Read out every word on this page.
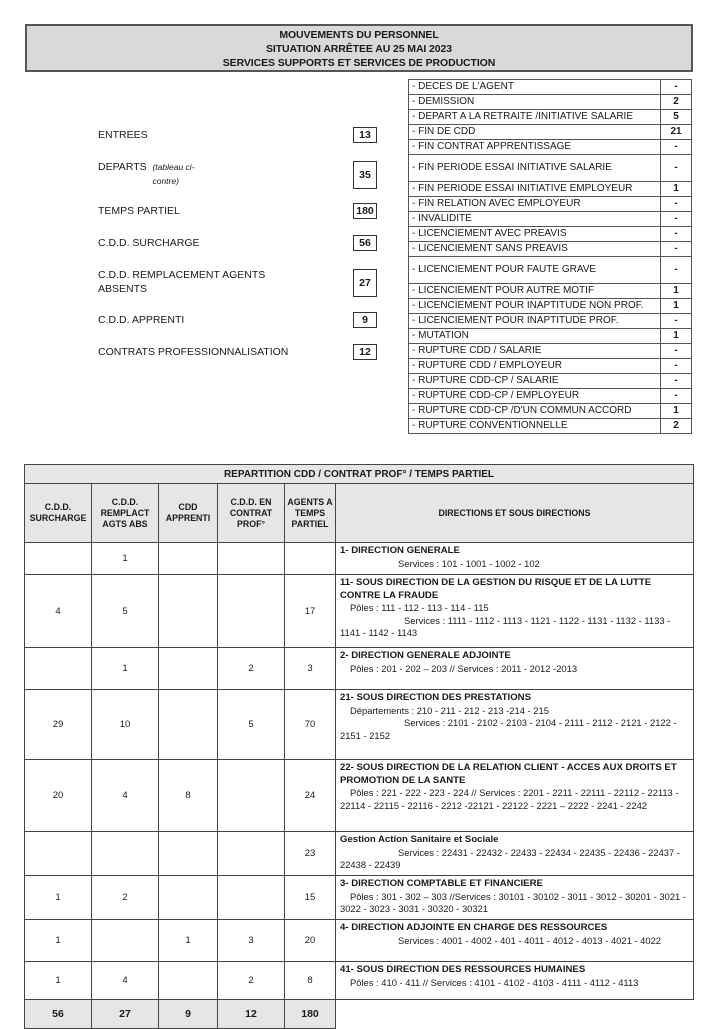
MOUVEMENTS DU PERSONNEL
SITUATION ARRÊTEE AU 25 MAI 2023
SERVICES SUPPORTS ET SERVICES DE PRODUCTION
ENTREES	13
DEPARTS (tableau ci-contre)	35
TEMPS PARTIEL	180
C.D.D. SURCHARGE	56
C.D.D. REMPLACEMENT AGENTS ABSENTS	27
C.D.D. APPRENTI	9
CONTRATS PROFESSIONNALISATION	12
- DECES DE L'AGENT	-
- DEMISSION	2
- DEPART A LA RETRAITE /INITIATIVE SALARIE	5
- FIN DE CDD	21
- FIN CONTRAT APPRENTISSAGE	-
- FIN PERIODE ESSAI INITIATIVE SALARIE	-
- FIN PERIODE ESSAI INITIATIVE EMPLOYEUR	1
- FIN RELATION AVEC EMPLOYEUR	-
- INVALIDITE	-
- LICENCIEMENT AVEC PREAVIS	-
- LICENCIEMENT SANS PREAVIS	-
- LICENCIEMENT POUR FAUTE GRAVE	-
- LICENCIEMENT POUR AUTRE MOTIF	1
- LICENCIEMENT POUR INAPTITUDE NON PROF.	1
- LICENCIEMENT POUR INAPTITUDE PROF.	-
- MUTATION	1
- RUPTURE CDD / SALARIE	-
- RUPTURE CDD / EMPLOYEUR	-
- RUPTURE CDD-CP / SALARIE	-
- RUPTURE CDD-CP / EMPLOYEUR	-
- RUPTURE CDD-CP /D'UN COMMUN ACCORD	1
- RUPTURE CONVENTIONNELLE	2
REPARTITION CDD / CONTRAT PROF° / TEMPS PARTIEL					
C.D.D. SURCHARGE	C.D.D. REMPLACT AGTS ABS	CDD APPRENTI	C.D.D. EN CONTRAT PROF°	AGENTS A TEMPS PARTIEL	DIRECTIONS ET SOUS DIRECTIONS
	1				1- DIRECTION GENERALE
Services : 101 - 1001 - 1002 - 102

4	5			17	11- SOUS DIRECTION DE LA GESTION DU RISQUE ET DE LA LUTTE CONTRE LA FRAUDE
Pôles : 111 - 112 - 113 - 114 - 115
Services : 1111 - 1112 - 1113 - 1121 - 1122 - 1131 - 1132 - 1133 - 1141 - 1142 - 1143

	1		2	3	2- DIRECTION GENERALE ADJOINTE
Pôles : 201 - 202 – 203 // Services : 2011 - 2012 -2013

29	10		5	70	21- SOUS DIRECTION DES PRESTATIONS
Départements : 210 - 211 - 212 - 213 -214 - 215
Services : 2101 - 2102 - 2103 - 2104 - 2111 - 2112 - 2121 - 2122 - 2151 - 2152

20	4	8		24	22- SOUS DIRECTION DE LA RELATION CLIENT - ACCES AUX DROITS ET PROMOTION DE LA SANTE
Pôles : 221 - 222 - 223 - 224 // Services : 2201 - 2211 - 22111 - 22112 - 22113 - 22114 - 22115 - 22116 - 2212 -22121 - 22122 - 2221 – 2222 - 2241 - 2242

				23	Gestion Action Sanitaire et Sociale
Services : 22431 - 22432 - 22433 - 22434 - 22435 - 22436 - 22437 - 22438 - 22439

1	2			15	3- DIRECTION COMPTABLE ET FINANCIERE
Pôles : 301 - 302 – 303 //Services : 30101 - 30102 - 3011 - 3012 - 30201 - 3021 - 3022 - 3023 - 3031 - 30320 - 30321

1		1	3	20	4- DIRECTION ADJOINTE EN CHARGE DES RESSOURCES
Services : 4001 - 4002 - 401 - 4011 - 4012 - 4013 - 4021 - 4022

1	4		2	8	41- SOUS DIRECTION DES RESSOURCES HUMAINES
Pôles : 410 - 411 // Services : 4101 - 4102 - 4103 - 4111 - 4112 - 4113

56	27	9	12	180	
